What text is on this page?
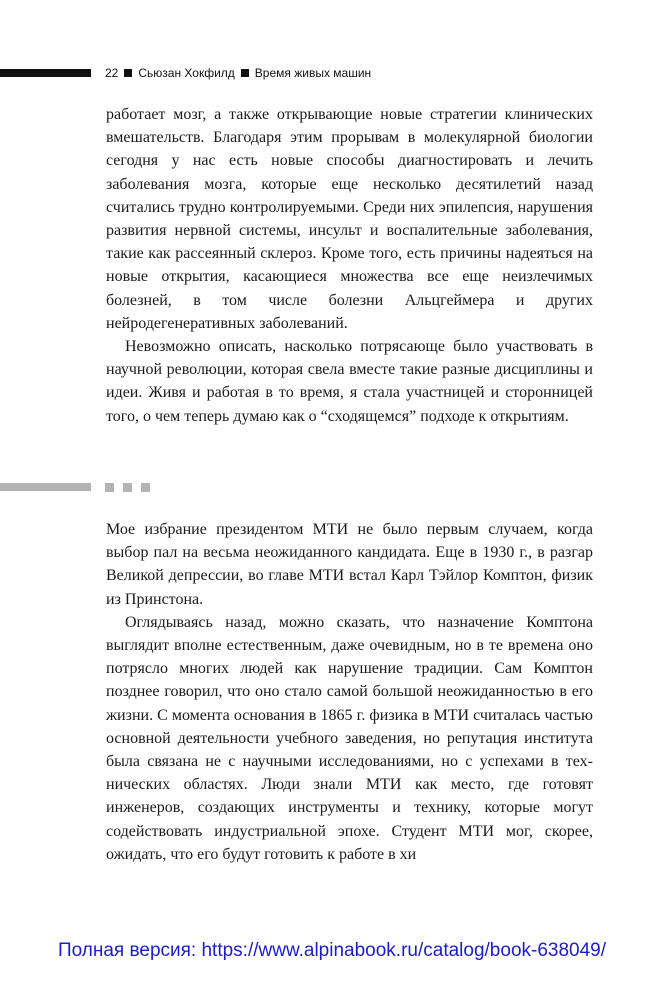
22 Сьюзан Хокфилд Время живых машин

работает мозг, а также открывающие новые стратегии клинических вмешательств. Благодаря этим прорывам в молекулярной биологии сегодня у нас есть новые способы диагностировать и лечить заболевания мозга, которые еще несколько десятилетий назад считались трудно контролируемыми. Среди них эпилепсия, нарушения развития нервной системы, инсульт и воспалительные заболевания, такие как рассеянный склероз. Кроме того, есть причины надеяться на новые открытия, касающиеся множества все еще неизлечимых болезней, в том числе болезни Альцгеймера и других нейродегенеративных заболеваний.

Невозможно описать, насколько потрясающе было участвовать в научной революции, которая свела вместе такие разные дисциплины и идеи. Живя и работая в то время, я стала участницей и сторонницей того, о чем теперь думаю как о “сходящемся” подходе к открытиям.

Мое избрание президентом МТИ не было первым случаем, когда выбор пал на весьма неожиданного кандидата. Еще в 1930 г., в разгар Великой депрессии, во главе МТИ встал Карл Тэйлор Комптон, физик из Принстона.

Оглядываясь назад, можно сказать, что назначение Комптона выглядит вполне естественным, даже очевидным, но в те времена оно потрясло многих людей как нарушение традиции. Сам Комптон позднее говорил, что оно стало самой большой неожиданностью в его жизни. С момента основания в 1865 г. физика в МТИ считалась частью основной деятельности учебного заведения, но репутация института была связана не с научными исследованиями, но с успехами в технических областях. Люди знали МТИ как место, где готовят инженеров, создающих инструменты и технику, которые могут содействовать индустриальной эпохе. Студент МТИ мог, скорее, ожидать, что его будут готовить к работе в хи

Полная версия: https://www.alpinabook.ru/catalog/book-638049/
